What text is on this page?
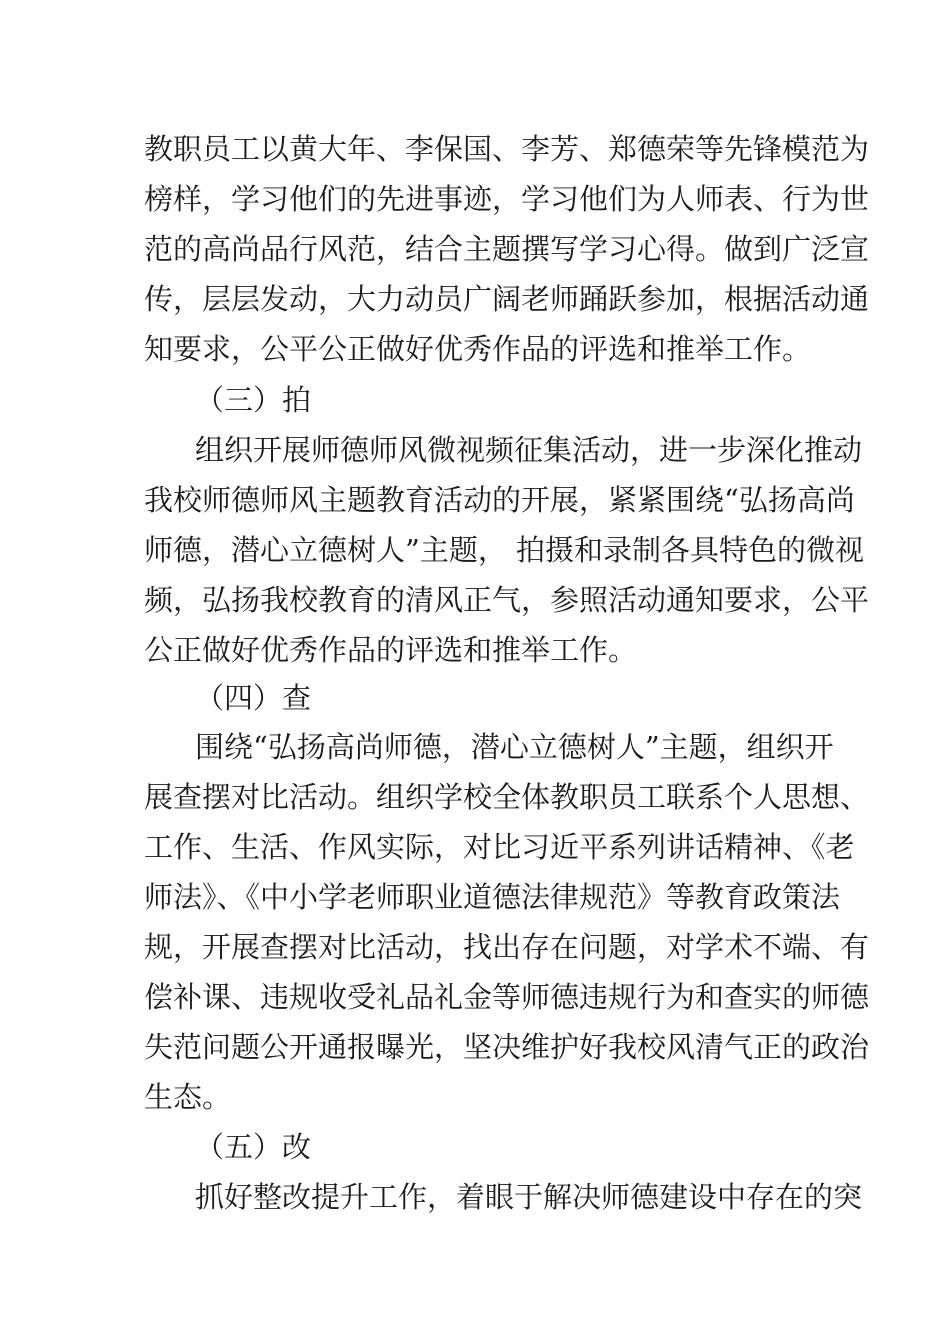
教职员工以黄大年、李保国、李芳、郑德荣等先锋模范为
榜样，学习他们的先进事迹，学习他们为人师表、行为世
范的高尚品行风范，结合主题撰写学习心得。做到广泛宣
传，层层发动，大力动员广阔老师踊跃参加，根据活动通
知要求，公平公正做好优秀作品的评选和推举工作。
（三）拍
组织开展师德师风微视频征集活动，进一步深化推动
我校师德师风主题教育活动的开展，紧紧围绕“弘扬高尚
师德，潜心立德树人”主题， 拍摄和录制各具特色的微视
频，弘扬我校教育的清风正气，参照活动通知要求，公平
公正做好优秀作品的评选和推举工作。
（四）查
围绕“弘扬高尚师德，潜心立德树人”主题，组织开
展查摆对比活动。组织学校全体教职员工联系个人思想、
工作、生活、作风实际，对比习近平系列讲话精神、《老
师法》、《中小学老师职业道德法律规范》等教育政策法
规，开展查摆对比活动，找出存在问题，对学术不端、有
偿补课、违规收受礼品礼金等师德违规行为和查实的师德
失范问题公开通报曝光，坚决维护好我校风清气正的政治
生态。
（五）改
抓好整改提升工作，着眼于解决师德建设中存在的突
